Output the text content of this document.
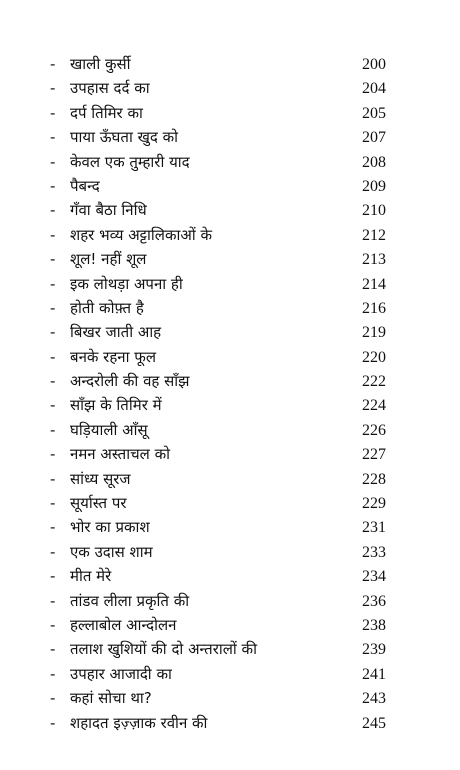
- खाली कुर्सी	200
- उपहास दर्द का	204
- दर्प तिमिर का	205
- पाया ऊँघता खुद को	207
- केवल एक तुम्हारी याद	208
- पैबन्द	209
- गँवा बैठा निधि	210
- शहर भव्य अट्टालिकाओं के	212
- शूल! नहीं शूल	213
- इक लोथड़ा अपना ही	214
- होती कोफ़्त है	216
- बिखर जाती आह	219
- बनके रहना फूल	220
- अन्दरोली की वह साँझ	222
- साँझ के तिमिर में	224
- घड़ियाली आँसू	226
- नमन अस्ताचल को	227
- सांध्य सूरज	228
- सूर्यास्त पर	229
- भोर का प्रकाश	231
- एक उदास शाम	233
- मीत मेरे	234
- तांडव लीला प्रकृति की	236
- हल्लाबोल आन्दोलन	238
- तलाश खुशियों की दो अन्तरालों की	239
- उपहार आजादी का	241
- कहां सोचा था?	243
- शहादत इज़्ज़ाक रवीन की	245
